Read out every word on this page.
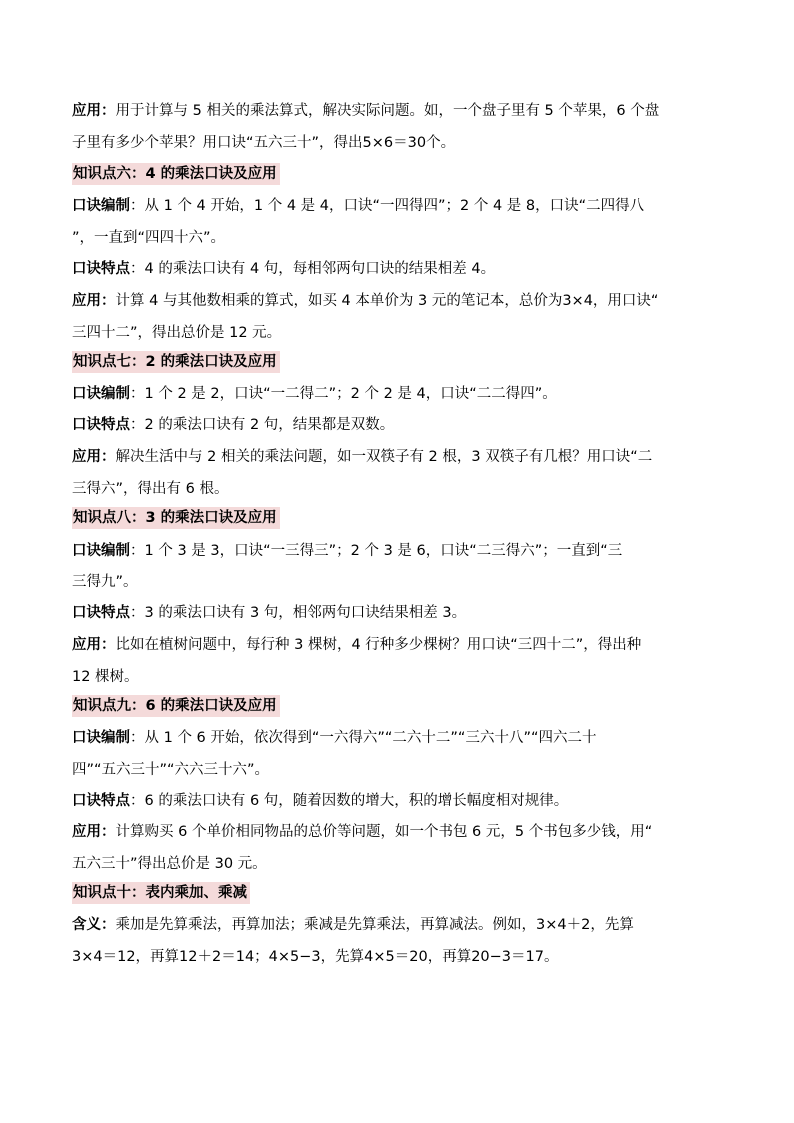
应用：用于计算与 5 相关的乘法算式，解决实际问题。如，一个盘子里有 5 个苹果，6 个盘
子里有多少个苹果？用口诀“五六三十”，得出5×6＝30个。
知识点六：4 的乘法口诀及应用
口诀编制：从 1 个 4 开始，1 个 4 是 4，口诀“一四得四”；2 个 4 是 8，口诀“二四得八
”，一直到“四四十六”。
口诀特点：4 的乘法口诀有 4 句，每相邻两句口诀的结果相差 4。
应用：计算 4 与其他数相乘的算式，如买 4 本单价为 3 元的笔记本，总价为3×4，用口诀“
三四十二”，得出总价是 12 元。
知识点七：2 的乘法口诀及应用
口诀编制：1 个 2 是 2，口诀“一二得二”；2 个 2 是 4，口诀“二二得四”。
口诀特点：2 的乘法口诀有 2 句，结果都是双数。
应用：解决生活中与 2 相关的乘法问题，如一双筷子有 2 根，3 双筷子有几根？用口诀“二
三得六”，得出有 6 根。
知识点八：3 的乘法口诀及应用
口诀编制：1 个 3 是 3，口诀“一三得三”；2 个 3 是 6，口诀“二三得六”；一直到“三
三得九”。
口诀特点：3 的乘法口诀有 3 句，相邻两句口诀结果相差 3。
应用：比如在植树问题中，每行种 3 棵树，4 行种多少棵树？用口诀“三四十二”，得出种
12 棵树。
知识点九：6 的乘法口诀及应用
口诀编制：从 1 个 6 开始，依次得到“一六得六”“二六十二”“三六十八”“四六二十
四”“五六三十”“六六三十六”。
口诀特点：6 的乘法口诀有 6 句，随着因数的增大，积的增长幅度相对规律。
应用：计算购买 6 个单价相同物品的总价等问题，如一个书包 6 元，5 个书包多少钱，用“
五六三十”得出总价是 30 元。
知识点十：表内乘加、乘减
含义：乘加是先算乘法，再算加法；乘减是先算乘法，再算减法。例如，3×4＋2，先算
3×4＝12，再算12＋2＝14；4×5−3，先算4×5＝20，再算20−3＝17。
